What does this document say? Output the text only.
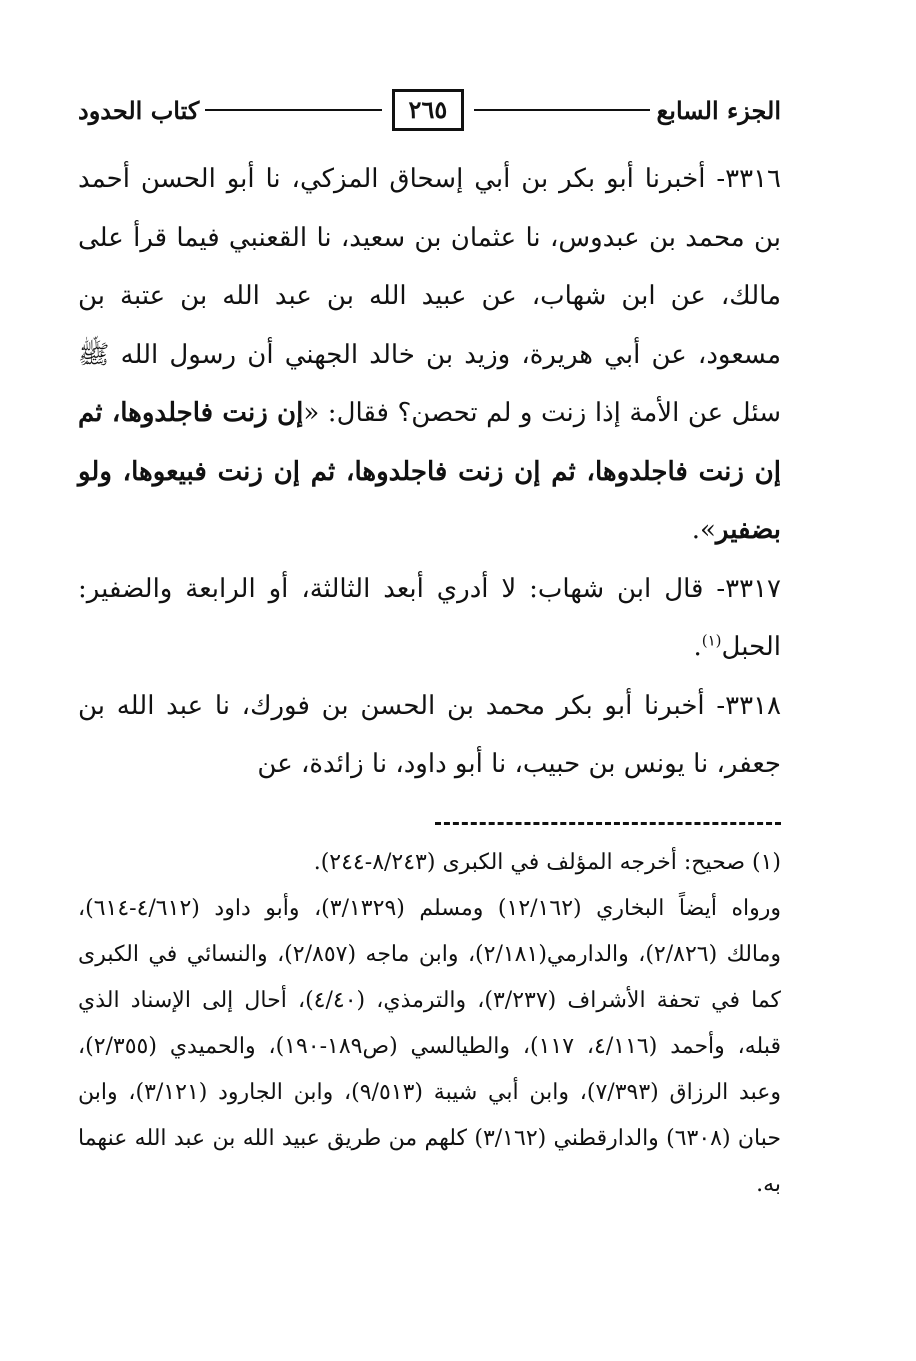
الجزء السابع
٢٦٥
كتاب الحدود

٣٣١٦- أخبرنا أبو بكر بن أبي إسحاق المزكي، نا أبو الحسن أحمد بن محمد بن عبدوس، نا عثمان بن سعيد، نا القعنبي فيما قرأ على مالك، عن ابن شهاب، عن عبيد الله بن عبد الله بن عتبة بن مسعود، عن أبي هريرة، وزيد بن خالد الجهني أن رسول الله ﷺ سئل عن الأمة إذا زنت و لم تحصن؟ فقال: «إن زنت فاجلدوها، ثم إن زنت فاجلدوها، ثم إن زنت فاجلدوها، ثم إن زنت فبيعوها، ولو بضفير».

٣٣١٧- قال ابن شهاب: لا أدري أبعد الثالثة، أو الرابعة والضفير: الحبل$^{(١)}$.

٣٣١٨- أخبرنا أبو بكر محمد بن الحسن بن فورك، نا عبد الله بن جعفر، نا يونس بن حبيب، نا أبو داود، نا زائدة، عن

(١) صحيح: أخرجه المؤلف في الكبرى (٨/٢٤٣-٢٤٤).

ورواه أيضاً البخاري (١٢/١٦٢) ومسلم (٣/١٣٢٩)، وأبو داود (٤/٦١٢-٦١٤)، ومالك (٢/٨٢٦)، والدارمي(٢/١٨١)، وابن ماجه (٢/٨٥٧)، والنسائي في الكبرى كما في تحفة الأشراف (٣/٢٣٧)، والترمذي، (٤/٤٠)، أحال إلى الإسناد الذي قبله، وأحمد (٤/١١٦، ١١٧)، والطيالسي (ص١٨٩-١٩٠)، والحميدي (٢/٣٥٥)، وعبد الرزاق (٧/٣٩٣)، وابن أبي شيبة (٩/٥١٣)، وابن الجارود (٣/١٢١)، وابن حبان (٦٣٠٨) والدارقطني (٣/١٦٢) كلهم من طريق عبيد الله بن عبد الله عنهما به.
